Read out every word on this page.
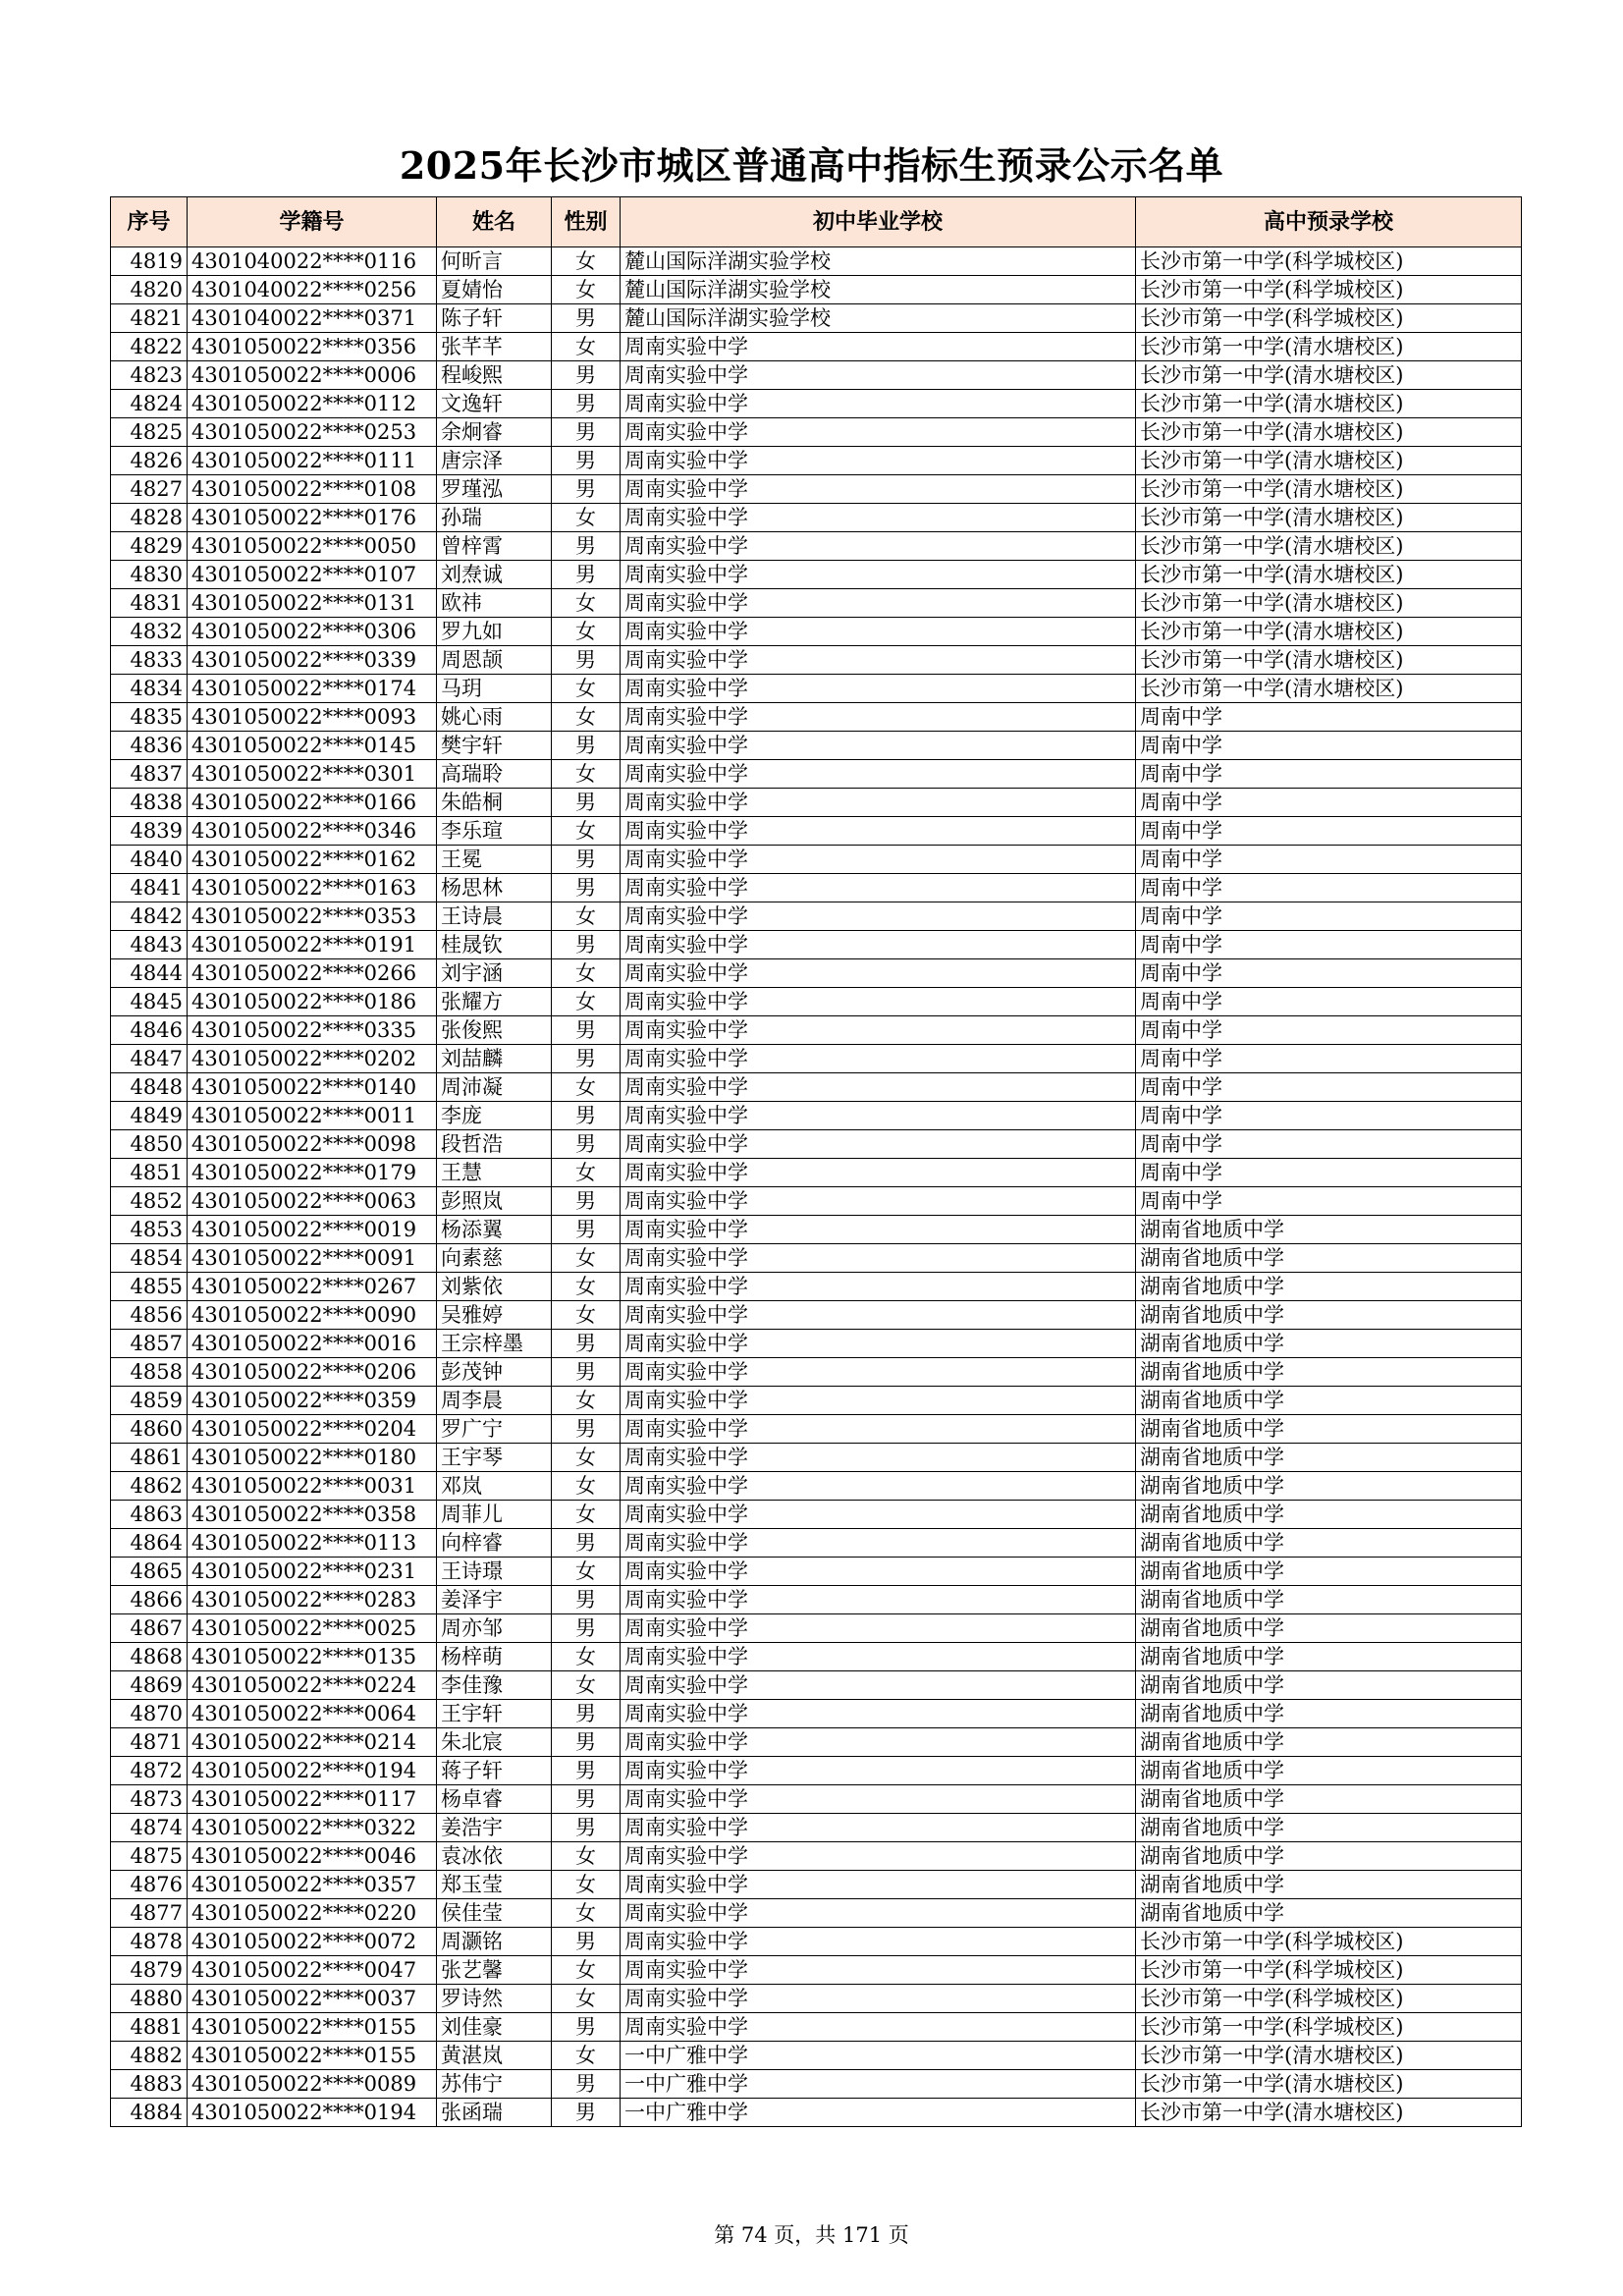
2025年长沙市城区普通高中指标生预录公示名单
序号	学籍号	姓名	性别	初中毕业学校	高中预录学校
4819	4301040022****0116	何昕言	女	麓山国际洋湖实验学校	长沙市第一中学(科学城校区)
4820	4301040022****0256	夏婧怡	女	麓山国际洋湖实验学校	长沙市第一中学(科学城校区)
4821	4301040022****0371	陈子轩	男	麓山国际洋湖实验学校	长沙市第一中学(科学城校区)
4822	4301050022****0356	张芊芊	女	周南实验中学	长沙市第一中学(清水塘校区)
4823	4301050022****0006	程峻熙	男	周南实验中学	长沙市第一中学(清水塘校区)
4824	4301050022****0112	文逸轩	男	周南实验中学	长沙市第一中学(清水塘校区)
4825	4301050022****0253	余炯睿	男	周南实验中学	长沙市第一中学(清水塘校区)
4826	4301050022****0111	唐宗泽	男	周南实验中学	长沙市第一中学(清水塘校区)
4827	4301050022****0108	罗瑾泓	男	周南实验中学	长沙市第一中学(清水塘校区)
4828	4301050022****0176	孙瑞	女	周南实验中学	长沙市第一中学(清水塘校区)
4829	4301050022****0050	曾梓霄	男	周南实验中学	长沙市第一中学(清水塘校区)
4830	4301050022****0107	刘焘诚	男	周南实验中学	长沙市第一中学(清水塘校区)
4831	4301050022****0131	欧祎	女	周南实验中学	长沙市第一中学(清水塘校区)
4832	4301050022****0306	罗九如	女	周南实验中学	长沙市第一中学(清水塘校区)
4833	4301050022****0339	周恩颉	男	周南实验中学	长沙市第一中学(清水塘校区)
4834	4301050022****0174	马玥	女	周南实验中学	长沙市第一中学(清水塘校区)
4835	4301050022****0093	姚心雨	女	周南实验中学	周南中学
4836	4301050022****0145	樊宇轩	男	周南实验中学	周南中学
4837	4301050022****0301	高瑞聆	女	周南实验中学	周南中学
4838	4301050022****0166	朱皓桐	男	周南实验中学	周南中学
4839	4301050022****0346	李乐瑄	女	周南实验中学	周南中学
4840	4301050022****0162	王冕	男	周南实验中学	周南中学
4841	4301050022****0163	杨思林	男	周南实验中学	周南中学
4842	4301050022****0353	王诗晨	女	周南实验中学	周南中学
4843	4301050022****0191	桂晟钦	男	周南实验中学	周南中学
4844	4301050022****0266	刘宇涵	女	周南实验中学	周南中学
4845	4301050022****0186	张耀方	女	周南实验中学	周南中学
4846	4301050022****0335	张俊熙	男	周南实验中学	周南中学
4847	4301050022****0202	刘喆麟	男	周南实验中学	周南中学
4848	4301050022****0140	周沛凝	女	周南实验中学	周南中学
4849	4301050022****0011	李庞	男	周南实验中学	周南中学
4850	4301050022****0098	段哲浩	男	周南实验中学	周南中学
4851	4301050022****0179	王慧	女	周南实验中学	周南中学
4852	4301050022****0063	彭照岚	男	周南实验中学	周南中学
4853	4301050022****0019	杨添翼	男	周南实验中学	湖南省地质中学
4854	4301050022****0091	向素慈	女	周南实验中学	湖南省地质中学
4855	4301050022****0267	刘紫依	女	周南实验中学	湖南省地质中学
4856	4301050022****0090	吴雅婷	女	周南实验中学	湖南省地质中学
4857	4301050022****0016	王宗梓墨	男	周南实验中学	湖南省地质中学
4858	4301050022****0206	彭茂钟	男	周南实验中学	湖南省地质中学
4859	4301050022****0359	周李晨	女	周南实验中学	湖南省地质中学
4860	4301050022****0204	罗广宁	男	周南实验中学	湖南省地质中学
4861	4301050022****0180	王宇琴	女	周南实验中学	湖南省地质中学
4862	4301050022****0031	邓岚	女	周南实验中学	湖南省地质中学
4863	4301050022****0358	周菲儿	女	周南实验中学	湖南省地质中学
4864	4301050022****0113	向梓睿	男	周南实验中学	湖南省地质中学
4865	4301050022****0231	王诗璟	女	周南实验中学	湖南省地质中学
4866	4301050022****0283	姜泽宇	男	周南实验中学	湖南省地质中学
4867	4301050022****0025	周亦邹	男	周南实验中学	湖南省地质中学
4868	4301050022****0135	杨梓萌	女	周南实验中学	湖南省地质中学
4869	4301050022****0224	李佳豫	女	周南实验中学	湖南省地质中学
4870	4301050022****0064	王宇轩	男	周南实验中学	湖南省地质中学
4871	4301050022****0214	朱北宸	男	周南实验中学	湖南省地质中学
4872	4301050022****0194	蒋子轩	男	周南实验中学	湖南省地质中学
4873	4301050022****0117	杨卓睿	男	周南实验中学	湖南省地质中学
4874	4301050022****0322	姜浩宇	男	周南实验中学	湖南省地质中学
4875	4301050022****0046	袁冰依	女	周南实验中学	湖南省地质中学
4876	4301050022****0357	郑玉莹	女	周南实验中学	湖南省地质中学
4877	4301050022****0220	侯佳莹	女	周南实验中学	湖南省地质中学
4878	4301050022****0072	周灏铭	男	周南实验中学	长沙市第一中学(科学城校区)
4879	4301050022****0047	张艺馨	女	周南实验中学	长沙市第一中学(科学城校区)
4880	4301050022****0037	罗诗然	女	周南实验中学	长沙市第一中学(科学城校区)
4881	4301050022****0155	刘佳豪	男	周南实验中学	长沙市第一中学(科学城校区)
4882	4301050022****0155	黄湛岚	女	一中广雅中学	长沙市第一中学(清水塘校区)
4883	4301050022****0089	苏伟宁	男	一中广雅中学	长沙市第一中学(清水塘校区)
4884	4301050022****0194	张函瑞	男	一中广雅中学	长沙市第一中学(清水塘校区)
第 74 页，共 171 页
